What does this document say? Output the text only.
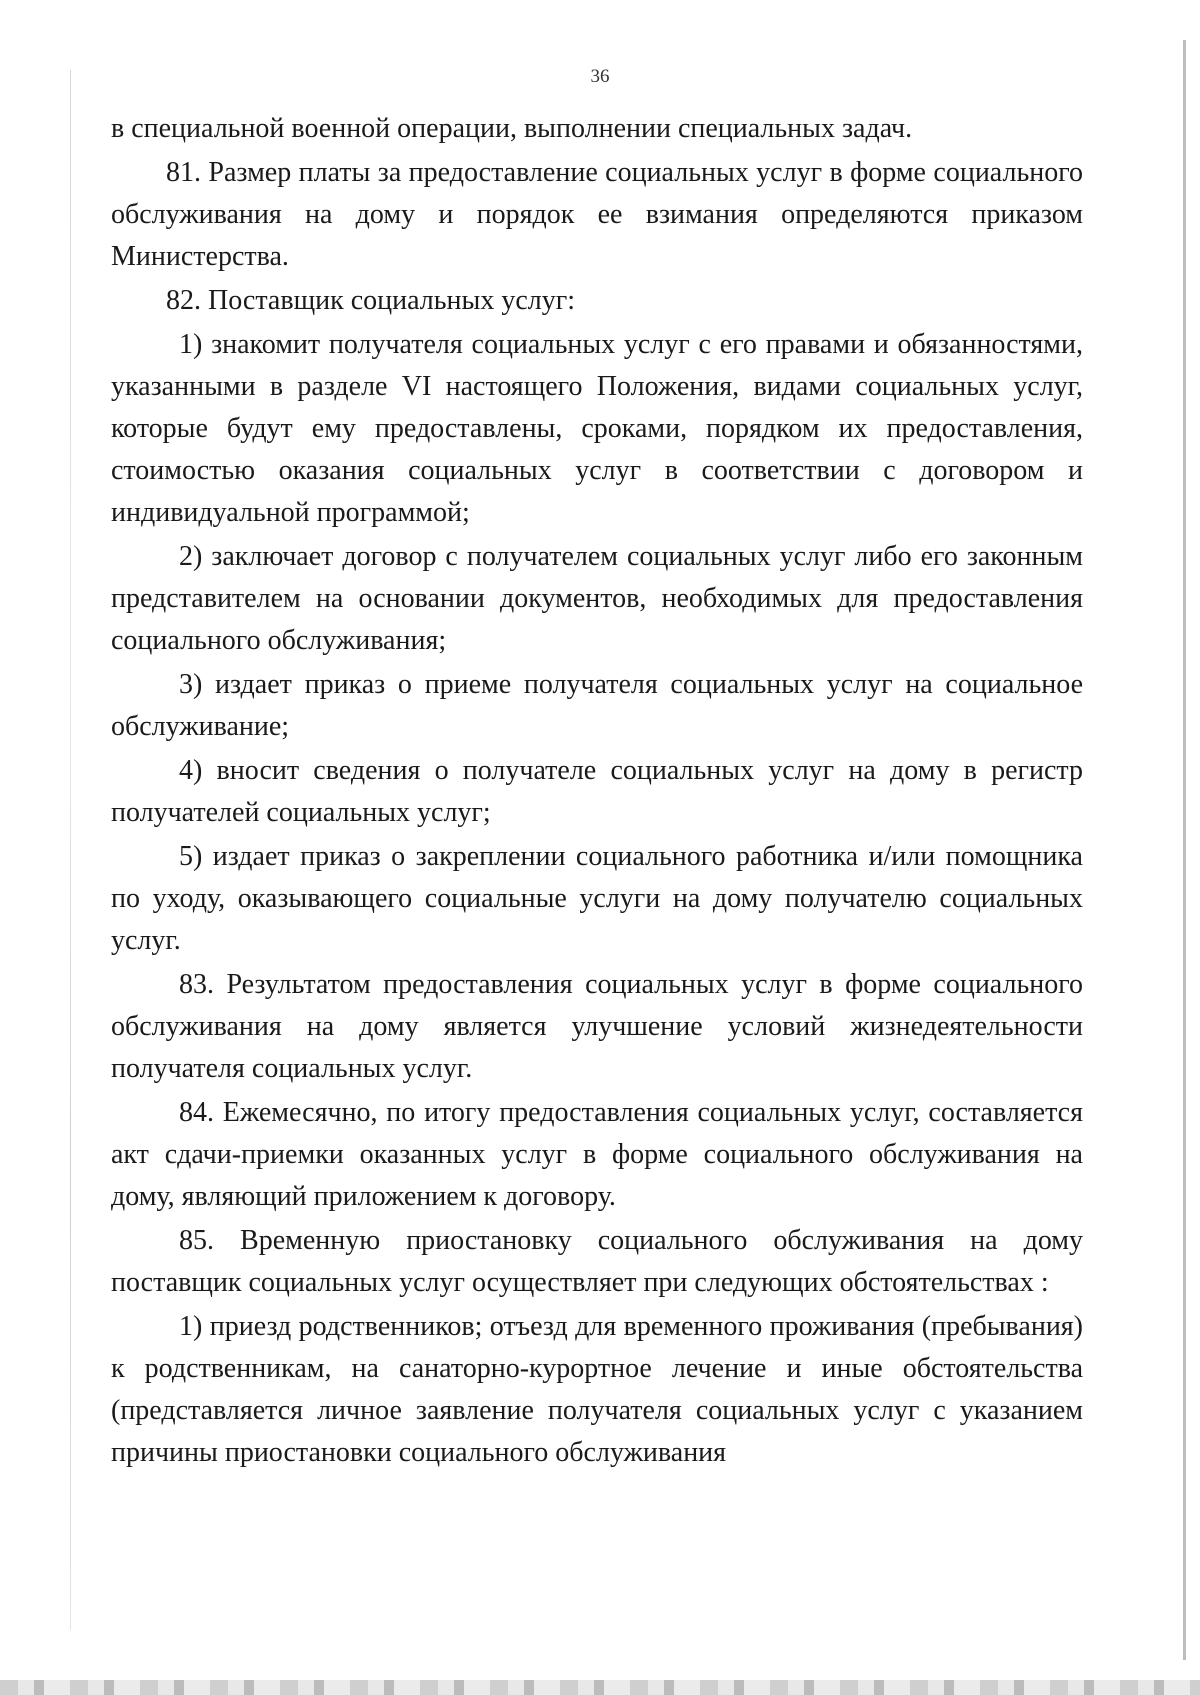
36

в специальной военной операции, выполнении специальных задач.

81. Размер платы за предоставление социальных услуг в форме социального обслуживания на дому и порядок ее взимания определяются приказом Министерства.

82. Поставщик социальных услуг:

1) знакомит получателя социальных услуг с его правами и обязанностями, указанными в разделе VI настоящего Положения, видами социальных услуг, которые будут ему предоставлены, сроками, порядком их предоставления, стоимостью оказания социальных услуг в соответствии с договором и индивидуальной программой;

2) заключает договор с получателем социальных услуг либо его законным представителем на основании документов, необходимых для предоставления социального обслуживания;

3) издает приказ о приеме получателя социальных услуг на социальное обслуживание;

4) вносит сведения о получателе социальных услуг на дому в регистр получателей социальных услуг;

5) издает приказ о закреплении социального работника и/или помощника по уходу, оказывающего социальные услуги на дому получателю социальных услуг.

83. Результатом предоставления социальных услуг в форме социального обслуживания на дому является улучшение условий жизнедеятельности получателя социальных услуг.

84. Ежемесячно, по итогу предоставления социальных услуг, составляется акт сдачи-приемки оказанных услуг в форме социального обслуживания на дому, являющий приложением к договору.

85. Временную приостановку социального обслуживания на дому поставщик социальных услуг осуществляет при следующих обстоятельствах :

1) приезд родственников; отъезд для временного проживания (пребывания) к родственникам, на санаторно-курортное лечение и иные обстоятельства (представляется личное заявление получателя социальных услуг с указанием причины приостановки социального обслуживания
